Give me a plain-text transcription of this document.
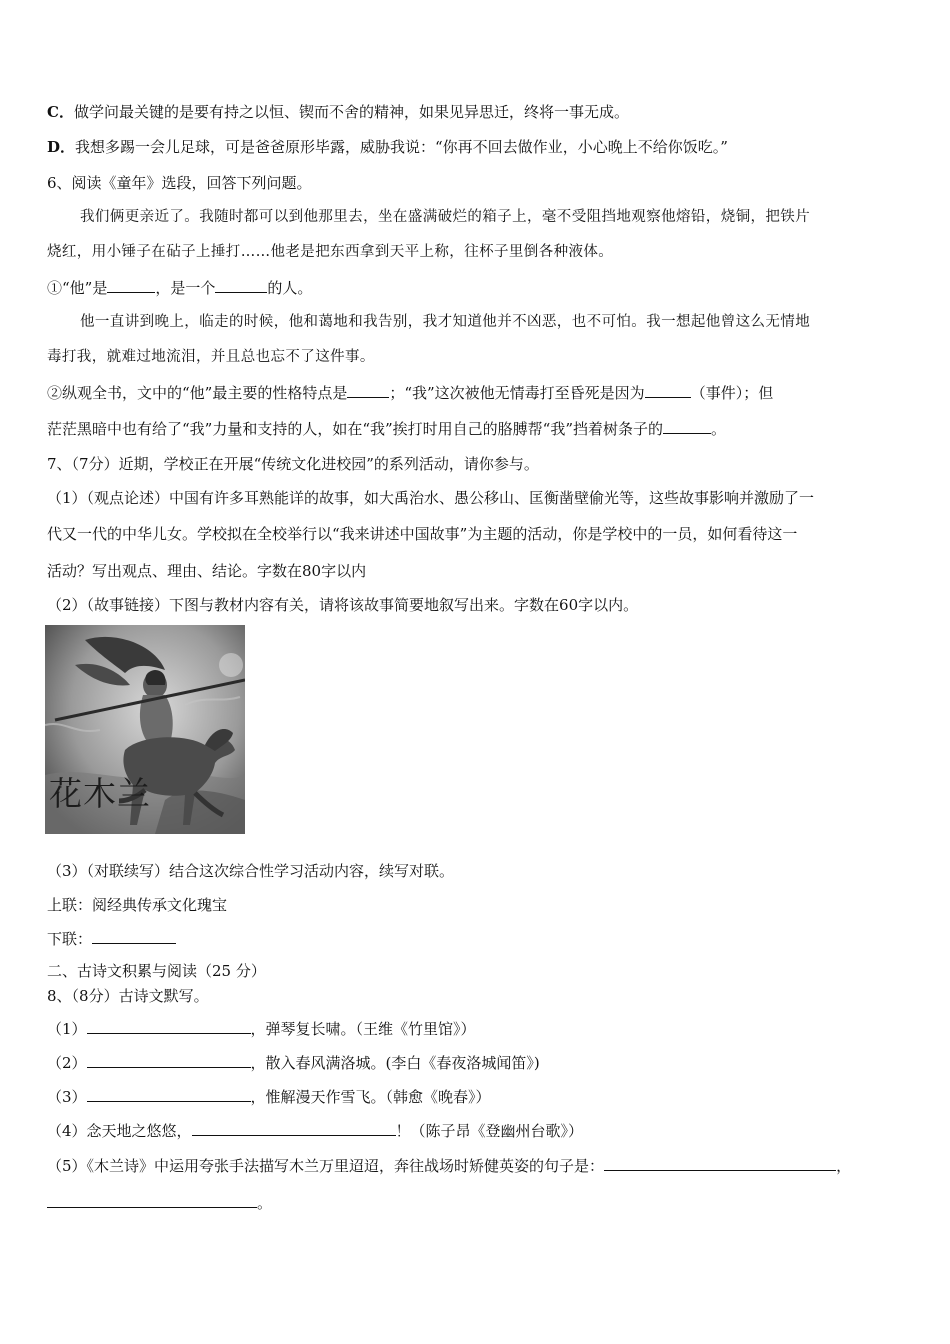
C．做学问最关键的是要有持之以恒、锲而不舍的精神，如果见异思迁，终将一事无成。
D．我想多踢一会儿足球，可是爸爸原形毕露，威胁我说：“你再不回去做作业，小心晚上不给你饭吃。”
6、阅读《童年》选段，回答下列问题。
我们俩更亲近了。我随时都可以到他那里去，坐在盛满破烂的箱子上，毫不受阻挡地观察他熔铅，烧铜，把铁片
烧红，用小锤子在砧子上捶打……他老是把东西拿到天平上称，往杯子里倒各种液体。
①“他”是	，是一个	的人。
他一直讲到晚上，临走的时候，他和蔼地和我告别，我才知道他并不凶恶，也不可怕。我一想起他曾这么无情地
毒打我，就难过地流泪，并且总也忘不了这件事。
②纵观全书，文中的“他”最主要的性格特点是	；“我”这次被他无情毒打至昏死是因为	（事件）；但
茫茫黑暗中也有给了“我”力量和支持的人，如在“我”挨打时用自己的胳膊帮“我”挡着树条子的	。
7、（7分）近期，学校正在开展“传统文化进校园”的系列活动，请你参与。
（1）（观点论述）中国有许多耳熟能详的故事，如大禹治水、愚公移山、匡衡凿壁偷光等，这些故事影响并激励了一
代又一代的中华儿女。学校拟在全校举行以“我来讲述中国故事”为主题的活动，你是学校中的一员，如何看待这一
活动？写出观点、理由、结论。字数在80字以内
（2）（故事链接）下图与教材内容有关，请将该故事简要地叙写出来。字数在60字以内。
花木兰
（3）（对联续写）结合这次综合性学习活动内容，续写对联。
上联：阅经典传承文化瑰宝
下联：
二、古诗文积累与阅读（25 分）
8、（8分）古诗文默写。
（1）	，弹琴复长啸。（王维《竹里馆》）
（2）	，散入春风满洛城。(李白《春夜洛城闻笛》)
（3）	，惟解漫天作雪飞。（韩愈《晚春》）
（4）念天地之悠悠，	！（陈子昂《登幽州台歌》）
（5）《木兰诗》中运用夸张手法描写木兰万里迢迢，奔往战场时矫健英姿的句子是：	，
。
